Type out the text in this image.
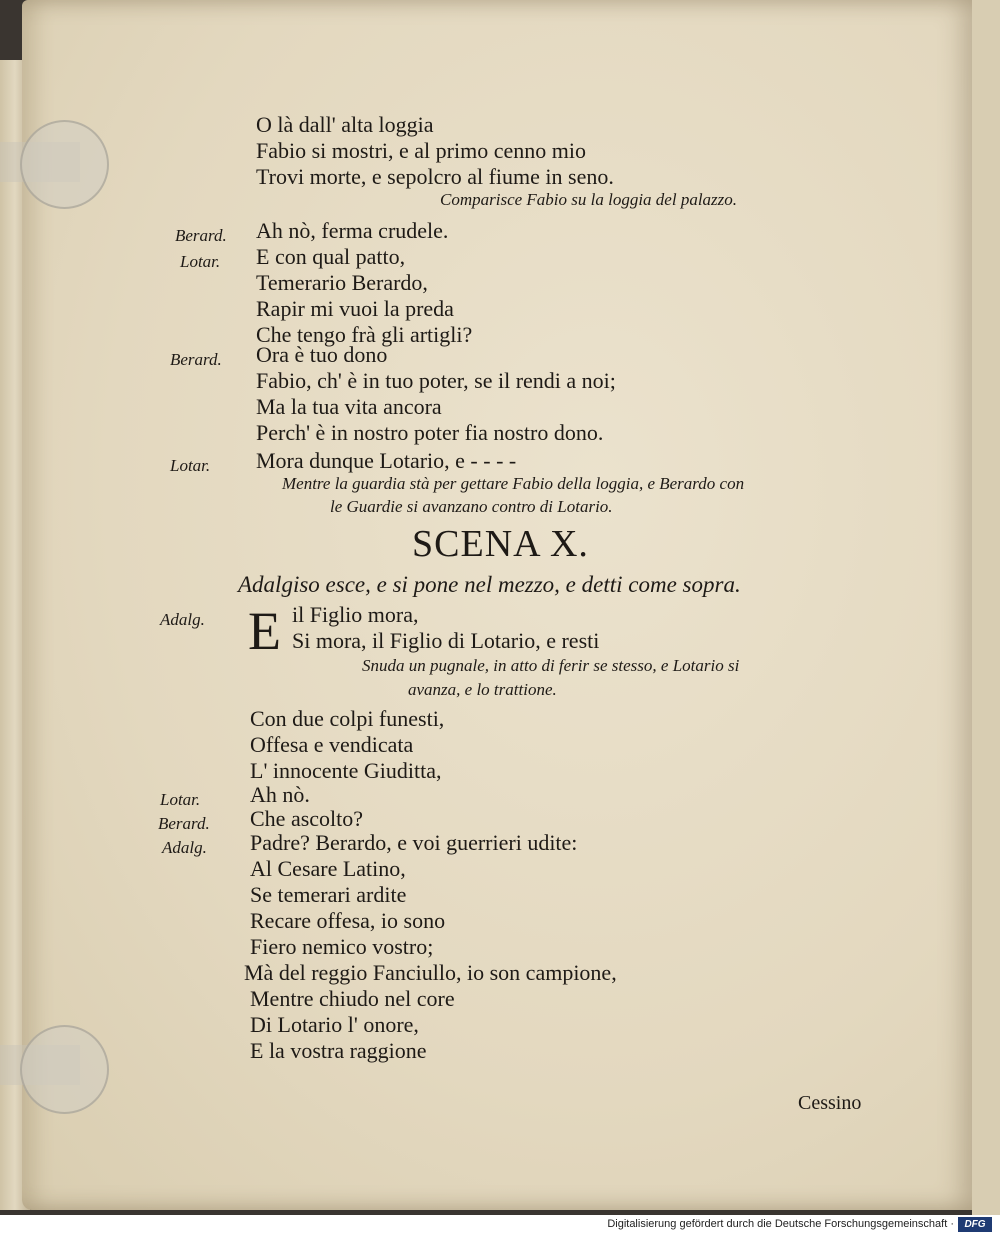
O là dall' alta loggia
Fabio si mostri, e al primo cenno mio
Trovi morte, e sepolcro al fiume in seno.
Comparisce Fabio su la loggia del palazzo.
Berard. Ah nò, ferma crudele.
Lotar. E con qual patto,
Temerario Berardo,
Rapir mi vuoi la preda
Che tengo frà gli artigli?
Berard. Ora è tuo dono
Fabio, ch' è in tuo poter, se il rendi a noi;
Ma la tua vita ancora
Perch' è in nostro poter fia nostro dono.
Lotar. Mora dunque Lotario, e - - - -
Mentre la guardia stà per gettare Fabio della loggia, e Berardo con
le Guardie si avanzano contro di Lotario.
SCENA X.
Adalgiso esce, e si pone nel mezzo, e detti come sopra.
Adalg. E il Figlio mora,
Si mora, il Figlio di Lotario, e resti
Snuda un pugnale, in atto di ferir se stesso, e Lotario si
avanza, e lo trattione.
Con due colpi funesti,
Offesa e vendicata
L' innocente Giuditta,
Lotar. Ah nò.
Berard. Che ascolto?
Adalg. Padre? Berardo, e voi guerrieri udite:
Al Cesare Latino,
Se temerari ardite
Recare offesa, io sono
Fiero nemico vostro;
Mà del reggio Fanciullo, io son campione,
Mentre chiudo nel core
Di Lotario l' onore,
E la vostra raggione
Cessino
Digitalisierung gefördert durch die Deutsche Forschungsgemeinschaft ·	DFG
